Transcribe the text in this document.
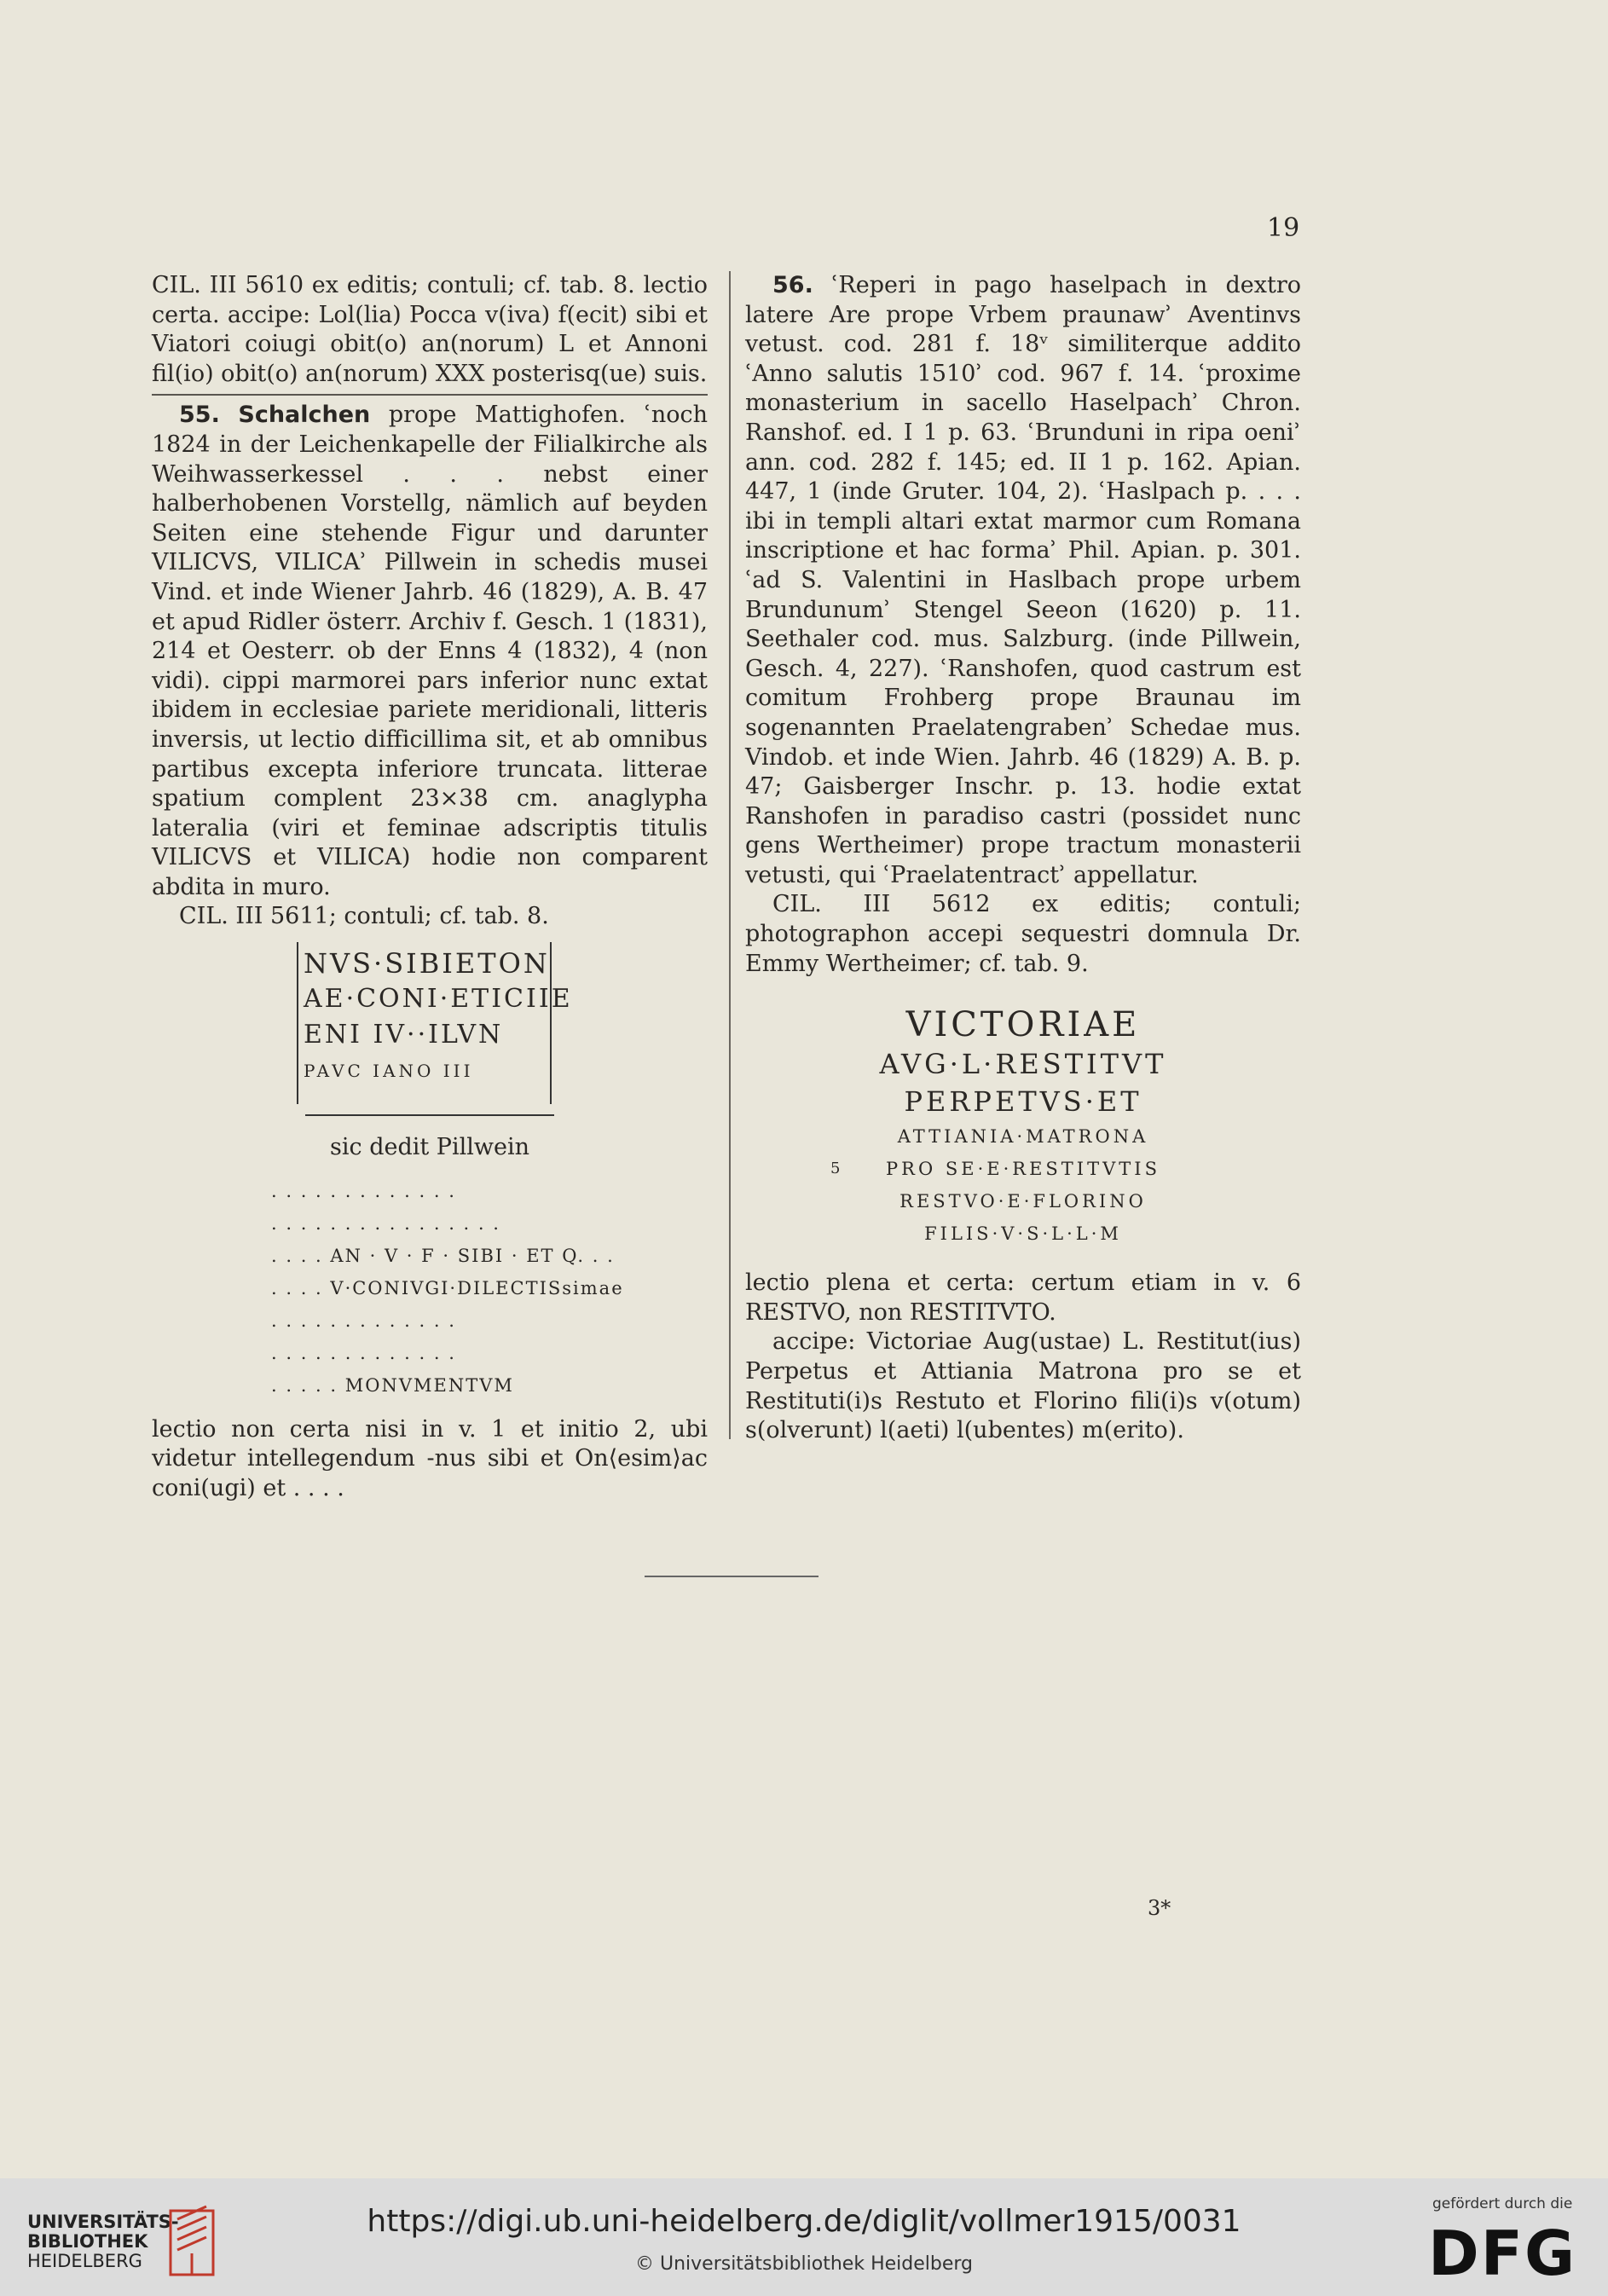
19

CIL. III 5610 ex editis; contuli; cf. tab. 8. lectio certa. accipe: Lol(lia) Pocca v(iva) f(ecit) sibi et Viatori coiugi obit(o) an(norum) L et Annoni fil(io) obit(o) an(norum) XXX posterisq(ue) suis.

55. Schalchen prope Mattighofen. ʿnoch 1824 in der Leichenkapelle der Filialkirche als Weihwasserkessel . . . nebst einer halberhobenen Vorstellg, nämlich auf beyden Seiten eine stehende Figur und darunter VILICVS, VILICAʾ Pillwein in schedis musei Vind. et inde Wiener Jahrb. 46 (1829), A. B. 47 et apud Ridler österr. Archiv f. Gesch. 1 (1831), 214 et Oesterr. ob der Enns 4 (1832), 4 (non vidi). cippi marmorei pars inferior nunc extat ibidem in ecclesiae pariete meridionali, litteris inversis, ut lectio difficillima sit, et ab omnibus partibus excepta inferiore truncata. litterae spatium complent 23×38 cm. anaglypha lateralia (viri et feminae adscriptis titulis VILICVS et VILICA) hodie non comparent abdita in muro.

CIL. III 5611; contuli; cf. tab. 8.

NVS·SIBIETON
AE·CONI·ETICIIE
ENI IV··ILVN
PAVC IANO III
sic dedit Pillwein
. . . . . . . . . . . . .
. . . . . . . . . . . . . . . .
. . . . AN · V · F · SIBI · ET Q. . .
. . . . V·CONIVGI·DILECTISsimae
. . . . . . . . . . . . .
. . . . . . . . . . . . .
. . . . . MONVMENTVM

lectio non certa nisi in v. 1 et initio 2, ubi videtur intellegendum -nus sibi et On⟨esim⟩ac coni(ugi) et . . . .

56. ʿReperi in pago haselpach in dextro latere Are prope Vrbem praunawʾ Aventinvs vetust. cod. 281 f. 18ᵛ similiterque addito ʿAnno salutis 1510ʾ cod. 967 f. 14. ʿproxime monasterium in sacello Haselpachʾ Chron. Ranshof. ed. I 1 p. 63. ʿBrunduni in ripa oeniʾ ann. cod. 282 f. 145; ed. II 1 p. 162. Apian. 447, 1 (inde Gruter. 104, 2). ʿHaslpach p. . . . ibi in templi altari extat marmor cum Romana inscriptione et hac formaʾ Phil. Apian. p. 301. ʿad S. Valentini in Haslbach prope urbem Brundunumʾ Stengel Seeon (1620) p. 11. Seethaler cod. mus. Salzburg. (inde Pillwein, Gesch. 4, 227). ʿRanshofen, quod castrum est comitum Frohberg prope Braunau im sogenannten Praelatengrabenʾ Schedae mus. Vindob. et inde Wien. Jahrb. 46 (1829) A. B. p. 47; Gaisberger Inschr. p. 13. hodie extat Ranshofen in paradiso castri (possidet nunc gens Wertheimer) prope tractum monasterii vetusti, qui ʿPraelatentractʾ appellatur.

CIL. III 5612 ex editis; contuli; photographon accepi sequestri domnula Dr. Emmy Wertheimer; cf. tab. 9.

VICTORIAE
AVG·L·RESTITVT
PERPETVS·ET
ATTIANIA·MATRONA
5	PRO SE·E·RESTITVTIS
RESTVO·E·FLORINO
FILIS·V·S·L·L·M

lectio plena et certa: certum etiam in v. 6 RESTVO, non RESTITVTO.

accipe: Victoriae Aug(ustae) L. Restitut(ius) Perpetus et Attiania Matrona pro se et Restituti(i)s Restuto et Florino fili(i)s v(otum) s(olverunt) l(aeti) l(ubentes) m(erito).

3*
UNIVERSITÄTS-
BIBLIOTHEK
HEIDELBERG
https://digi.ub.uni-heidelberg.de/diglit/vollmer1915/0031
© Universitätsbibliothek Heidelberg
gefördert durch die
DFG
